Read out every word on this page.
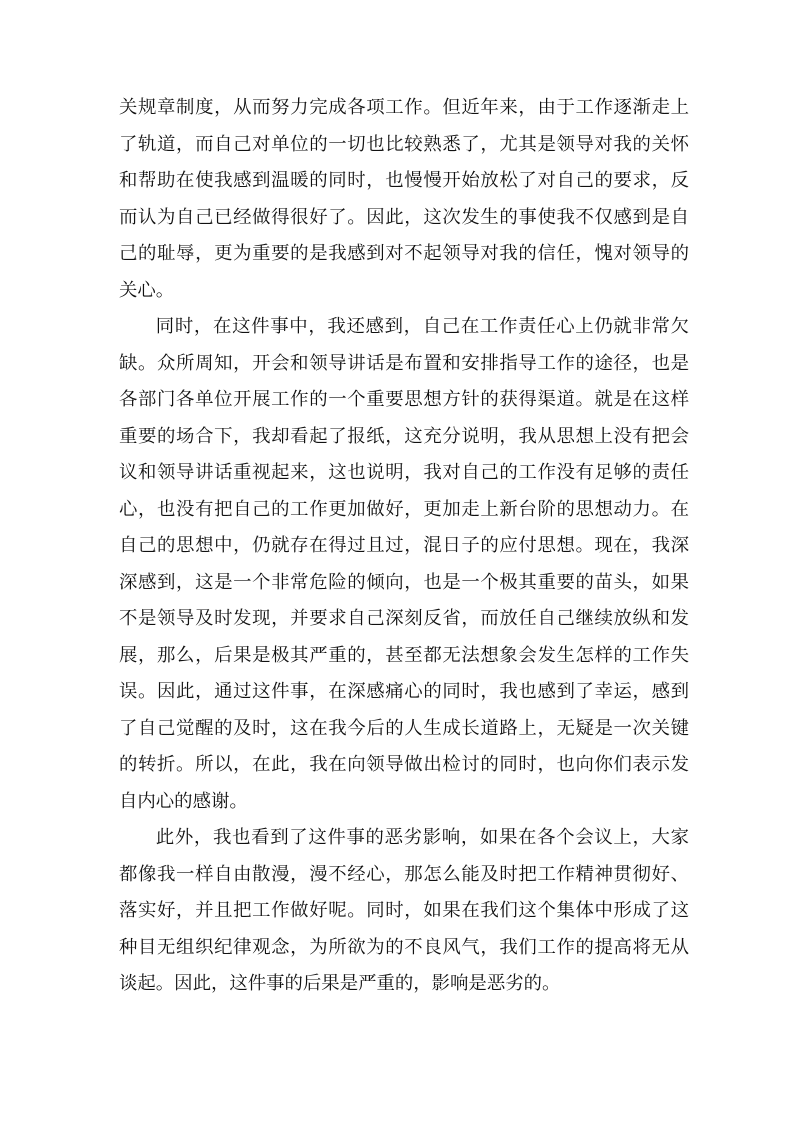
关规章制度，从而努力完成各项工作。但近年来，由于工作逐渐走上了轨道，而自己对单位的一切也比较熟悉了，尤其是领导对我的关怀和帮助在使我感到温暖的同时，也慢慢开始放松了对自己的要求，反而认为自己已经做得很好了。因此，这次发生的事使我不仅感到是自己的耻辱，更为重要的是我感到对不起领导对我的信任，愧对领导的关心。

同时，在这件事中，我还感到，自己在工作责任心上仍就非常欠缺。众所周知，开会和领导讲话是布置和安排指导工作的途径，也是各部门各单位开展工作的一个重要思想方针的获得渠道。就是在这样重要的场合下，我却看起了报纸，这充分说明，我从思想上没有把会议和领导讲话重视起来，这也说明，我对自己的工作没有足够的责任心，也没有把自己的工作更加做好，更加走上新台阶的思想动力。在自己的思想中，仍就存在得过且过，混日子的应付思想。现在，我深深感到，这是一个非常危险的倾向，也是一个极其重要的苗头，如果不是领导及时发现，并要求自己深刻反省，而放任自己继续放纵和发展，那么，后果是极其严重的，甚至都无法想象会发生怎样的工作失误。因此，通过这件事，在深感痛心的同时，我也感到了幸运，感到了自己觉醒的及时，这在我今后的人生成长道路上，无疑是一次关键的转折。所以，在此，我在向领导做出检讨的同时，也向你们表示发自内心的感谢。

此外，我也看到了这件事的恶劣影响，如果在各个会议上，大家都像我一样自由散漫，漫不经心，那怎么能及时把工作精神贯彻好、落实好，并且把工作做好呢。同时，如果在我们这个集体中形成了这种目无组织纪律观念，为所欲为的不良风气，我们工作的提高将无从谈起。因此，这件事的后果是严重的，影响是恶劣的。
